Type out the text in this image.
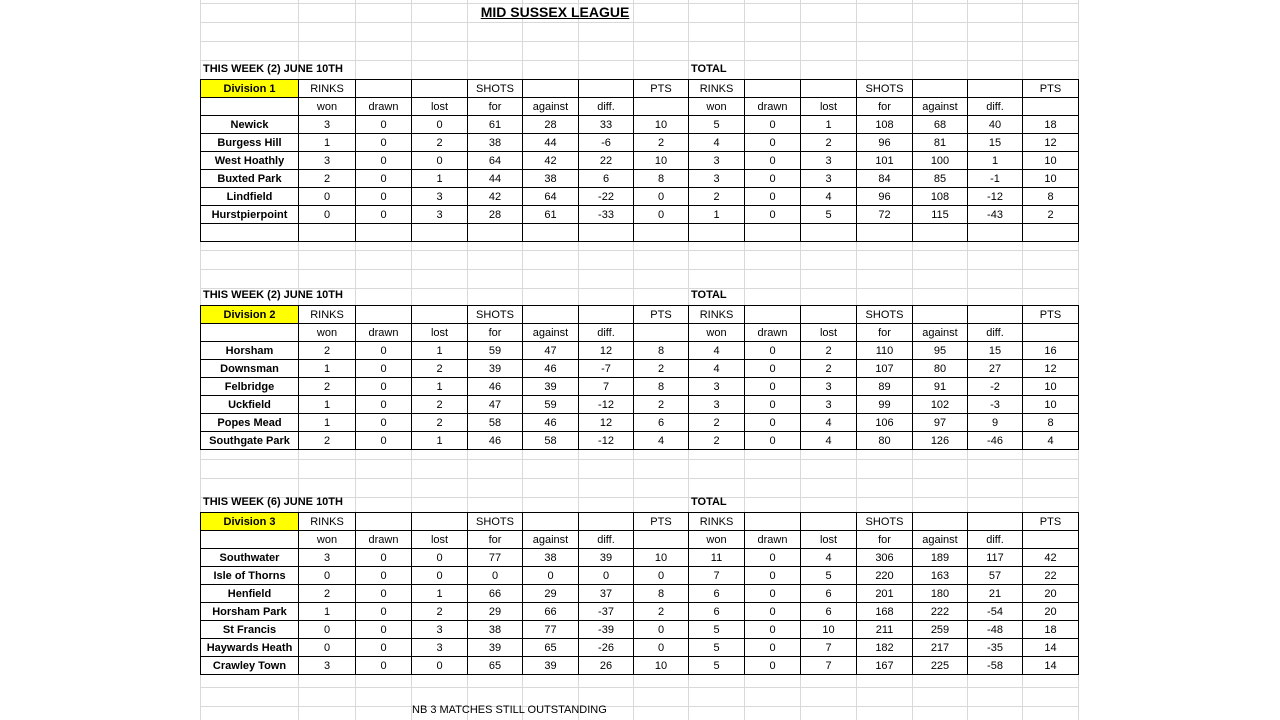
MID SUSSEX LEAGUE
THIS WEEK (2) JUNE 10TH	TOTAL
Division 1	RINKS			SHOTS			PTS	RINKS			SHOTS			PTS
	won	drawn	lost	for	against	diff.		won	drawn	lost	for	against	diff.	
Newick	3	0	0	61	28	33	10	5	0	1	108	68	40	18
Burgess Hill	1	0	2	38	44	-6	2	4	0	2	96	81	15	12
West Hoathly	3	0	0	64	42	22	10	3	0	3	101	100	1	10
Buxted Park	2	0	1	44	38	6	8	3	0	3	84	85	-1	10
Lindfield	0	0	3	42	64	-22	0	2	0	4	96	108	-12	8
Hurstpierpoint	0	0	3	28	61	-33	0	1	0	5	72	115	-43	2

THIS WEEK (2) JUNE 10TH	TOTAL
Division 2	RINKS			SHOTS			PTS	RINKS			SHOTS			PTS
	won	drawn	lost	for	against	diff.		won	drawn	lost	for	against	diff.	
Horsham	2	0	1	59	47	12	8	4	0	2	110	95	15	16
Downsman	1	0	2	39	46	-7	2	4	0	2	107	80	27	12
Felbridge	2	0	1	46	39	7	8	3	0	3	89	91	-2	10
Uckfield	1	0	2	47	59	-12	2	3	0	3	99	102	-3	10
Popes Mead	1	0	2	58	46	12	6	2	0	4	106	97	9	8
Southgate Park	2	0	1	46	58	-12	4	2	0	4	80	126	-46	4
THIS WEEK (6) JUNE 10TH	TOTAL
Division 3	RINKS			SHOTS			PTS	RINKS			SHOTS			PTS
	won	drawn	lost	for	against	diff.		won	drawn	lost	for	against	diff.	
Southwater	3	0	0	77	38	39	10	11	0	4	306	189	117	42
Isle of Thorns	0	0	0	0	0	0	0	7	0	5	220	163	57	22
Henfield	2	0	1	66	29	37	8	6	0	6	201	180	21	20
Horsham Park	1	0	2	29	66	-37	2	6	0	6	168	222	-54	20
St Francis	0	0	3	38	77	-39	0	5	0	10	211	259	-48	18
Haywards Heath	0	0	3	39	65	-26	0	5	0	7	182	217	-35	14
Crawley Town	3	0	0	65	39	26	10	5	0	7	167	225	-58	14
NB 3 MATCHES STILL OUTSTANDING
